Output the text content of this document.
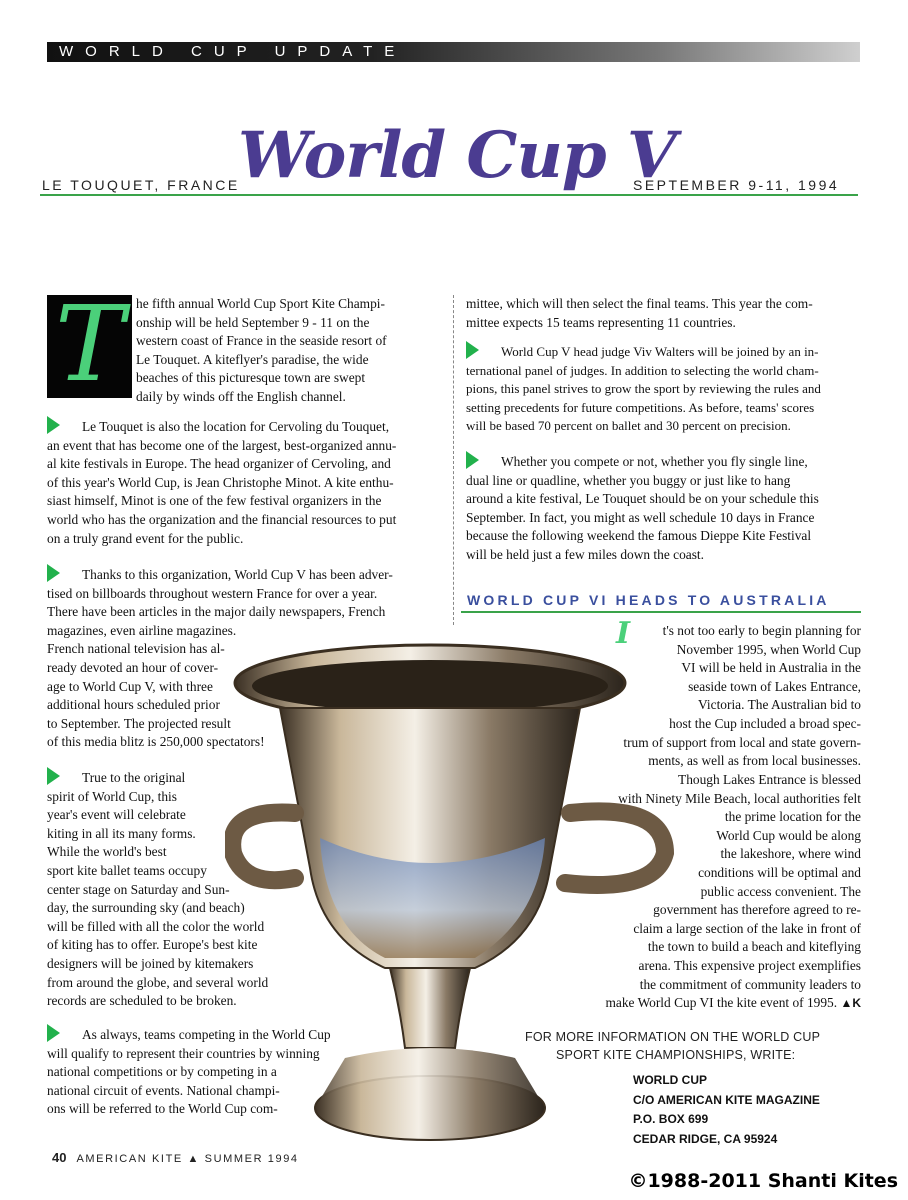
WORLD CUP UPDATE
LE TOUQUET, FRANCE
World Cup V
SEPTEMBER 9-11, 1994
T he fifth annual World Cup Sport Kite Champi-
onship will be held September 9 - 11 on the
western coast of France in the seaside resort of
Le Touquet. A kiteflyer's paradise, the wide
beaches of this picturesque town are swept
daily by winds off the English channel.
Le Touquet is also the location for Cervoling du Touquet,
an event that has become one of the largest, best-organized annu-
al kite festivals in Europe. The head organizer of Cervoling, and
of this year's World Cup, is Jean Christophe Minot. A kite enthu-
siast himself, Minot is one of the few festival organizers in the
world who has the organization and the financial resources to put
on a truly grand event for the public.
Thanks to this organization, World Cup V has been adver-
tised on billboards throughout western France for over a year.
There have been articles in the major daily newspapers, French
magazines, even airline magazines.
French national television has al-
ready devoted an hour of cover-
age to World Cup V, with three
additional hours scheduled prior
to September. The projected result
of this media blitz is 250,000 spectators!
True to the original
spirit of World Cup, this
year's event will celebrate
kiting in all its many forms.
While the world's best
sport kite ballet teams occupy
center stage on Saturday and Sun-
day, the surrounding sky (and beach)
will be filled with all the color the world
of kiting has to offer. Europe's best kite
designers will be joined by kitemakers
from around the globe, and several world
records are scheduled to be broken.
As always, teams competing in the World Cup
will qualify to represent their countries by winning
national competitions or by competing in a
national circuit of events. National champi-
ons will be referred to the World Cup com-
mittee, which will then select the final teams. This year the com-
mittee expects 15 teams representing 11 countries.
World Cup V head judge Viv Walters will be joined by an in-
ternational panel of judges. In addition to selecting the world cham-
pions, this panel strives to grow the sport by reviewing the rules and
setting precedents for future competitions. As before, teams' scores
will be based 70 percent on ballet and 30 percent on precision.
Whether you compete or not, whether you fly single line,
dual line or quadline, whether you buggy or just like to hang
around a kite festival, Le Touquet should be on your schedule this
September. In fact, you might as well schedule 10 days in France
because the following weekend the famous Dieppe Kite Festival
will be held just a few miles down the coast.
WORLD CUP VI HEADS TO AUSTRALIA
I	t's not too early to begin planning for
November 1995, when World Cup
VI will be held in Australia in the
seaside town of Lakes Entrance,
Victoria. The Australian bid to
host the Cup included a broad spec-
trum of support from local and state govern-
ments, as well as from local businesses.
Though Lakes Entrance is blessed
with Ninety Mile Beach, local authorities felt
the prime location for the
World Cup would be along
the lakeshore, where wind
conditions will be optimal and
public access convenient. The
government has therefore agreed to re-
claim a large section of the lake in front of
the town to build a beach and kiteflying
arena. This expensive project exemplifies
the commitment of community leaders to
make World Cup VI the kite event of 1995. ▲K
FOR MORE INFORMATION ON THE WORLD CUP
SPORT KITE CHAMPIONSHIPS, WRITE:
WORLD CUP
C/O AMERICAN KITE MAGAZINE
P.O. BOX 699
CEDAR RIDGE, CA 95924
40 AMERICAN KITE ▲ SUMMER 1994
©1988-2011 Shanti Kites
